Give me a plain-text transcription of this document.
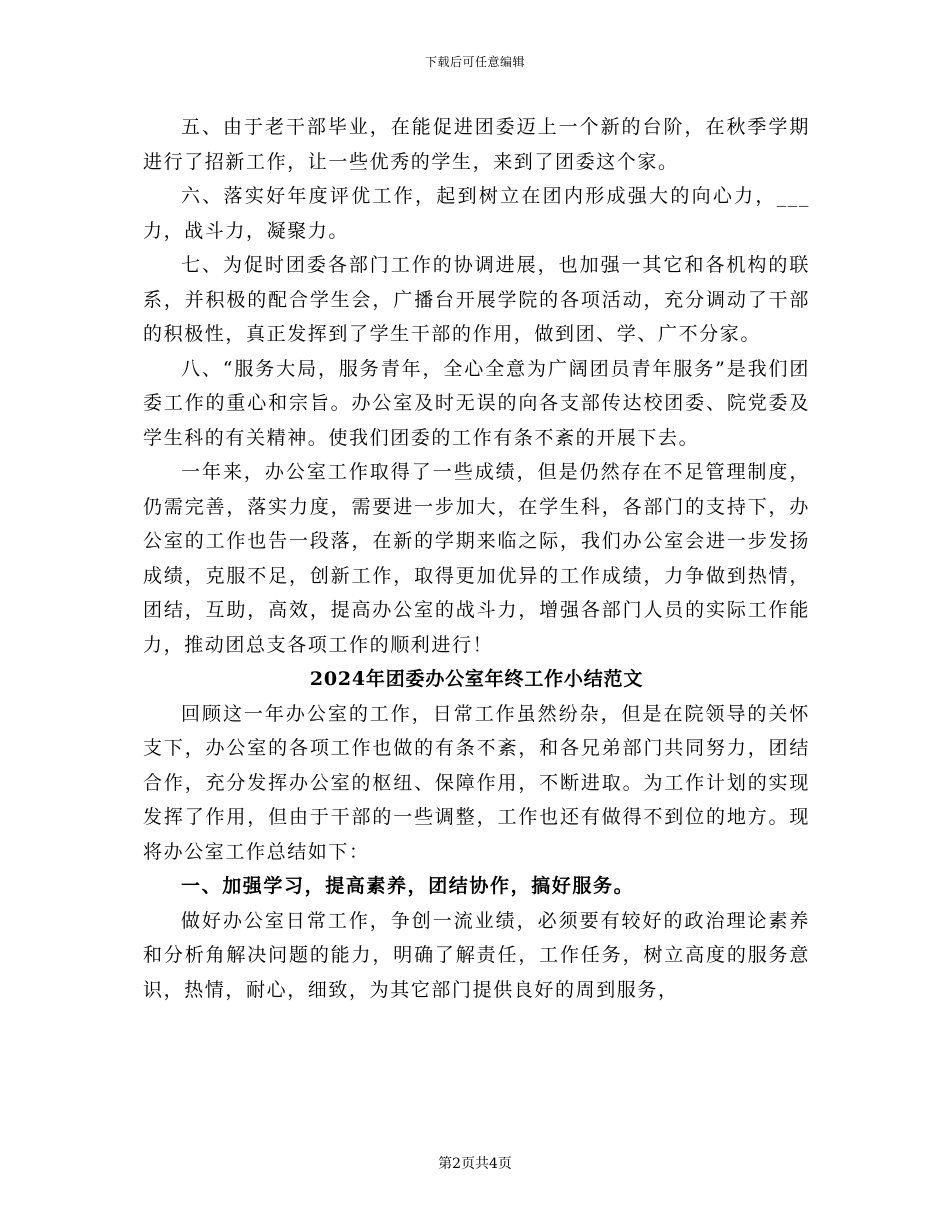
下载后可任意编辑

五、由于老干部毕业，在能促进团委迈上一个新的台阶，在秋季学期进行了招新工作，让一些优秀的学生，来到了团委这个家。

六、落实好年度评优工作，起到树立在团内形成强大的向心力，___力，战斗力，凝聚力。

七、为促时团委各部门工作的协调进展，也加强一其它和各机构的联系，并积极的配合学生会，广播台开展学院的各项活动，充分调动了干部的积极性，真正发挥到了学生干部的作用，做到团、学、广不分家。

八、“服务大局，服务青年，全心全意为广阔团员青年服务”是我们团委工作的重心和宗旨。办公室及时无误的向各支部传达校团委、院党委及学生科的有关精神。使我们团委的工作有条不紊的开展下去。

一年来，办公室工作取得了一些成绩，但是仍然存在不足管理制度，仍需完善，落实力度，需要进一步加大，在学生科，各部门的支持下，办公室的工作也告一段落，在新的学期来临之际，我们办公室会进一步发扬成绩，克服不足，创新工作，取得更加优异的工作成绩，力争做到热情，团结，互助，高效，提高办公室的战斗力，增强各部门人员的实际工作能力，推动团总支各项工作的顺利进行！

2024年团委办公室年终工作小结范文

回顾这一年办公室的工作，日常工作虽然纷杂，但是在院领导的关怀支下，办公室的各项工作也做的有条不紊，和各兄弟部门共同努力，团结合作，充分发挥办公室的枢纽、保障作用，不断进取。为工作计划的实现发挥了作用，但由于干部的一些调整，工作也还有做得不到位的地方。现将办公室工作总结如下：

一、加强学习，提高素养，团结协作，搞好服务。

做好办公室日常工作，争创一流业绩，必须要有较好的政治理论素养和分析角解决问题的能力，明确了解责任，工作任务，树立高度的服务意识，热情，耐心，细致，为其它部门提供良好的周到服务，

第2页共4页
